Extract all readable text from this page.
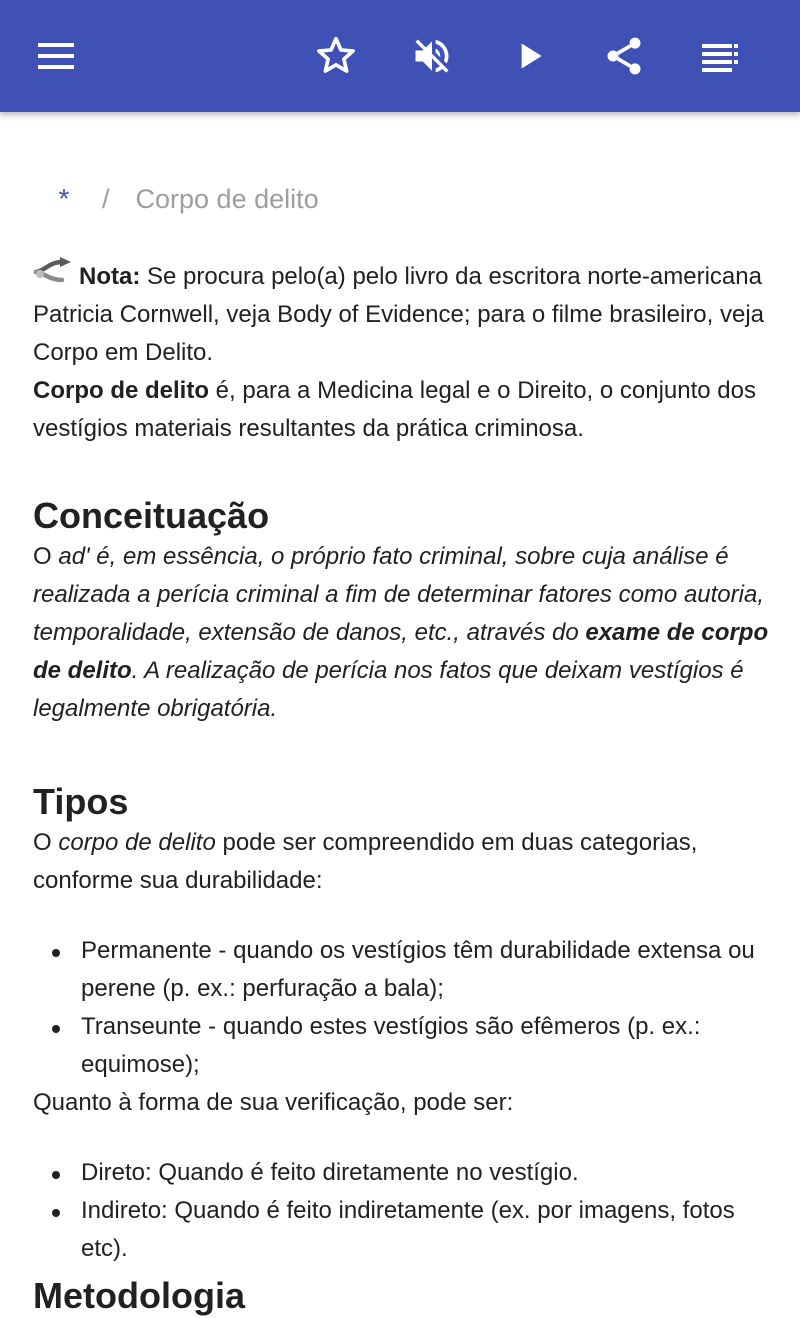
* / Corpo de delito

Nota: Se procura pelo(a) pelo livro da escritora norte-americana Patricia Cornwell, veja Body of Evidence; para o filme brasileiro, veja Corpo em Delito.

Corpo de delito é, para a Medicina legal e o Direito, o conjunto dos vestígios materiais resultantes da prática criminosa.

Conceituação

O ad' é, em essência, o próprio fato criminal, sobre cuja análise é realizada a perícia criminal a fim de determinar fatores como autoria, temporalidade, extensão de danos, etc., através do exame de corpo de delito. A realização de perícia nos fatos que deixam vestígios é legalmente obrigatória.

Tipos

O corpo de delito pode ser compreendido em duas categorias, conforme sua durabilidade:

Permanente - quando os vestígios têm durabilidade extensa ou perene (p. ex.: perfuração a bala);
Transeunte - quando estes vestígios são efêmeros (p. ex.: equimose);

Quanto à forma de sua verificação, pode ser:

Direto: Quando é feito diretamente no vestígio.
Indireto: Quando é feito indiretamente (ex. por imagens, fotos etc).
Metodologia
